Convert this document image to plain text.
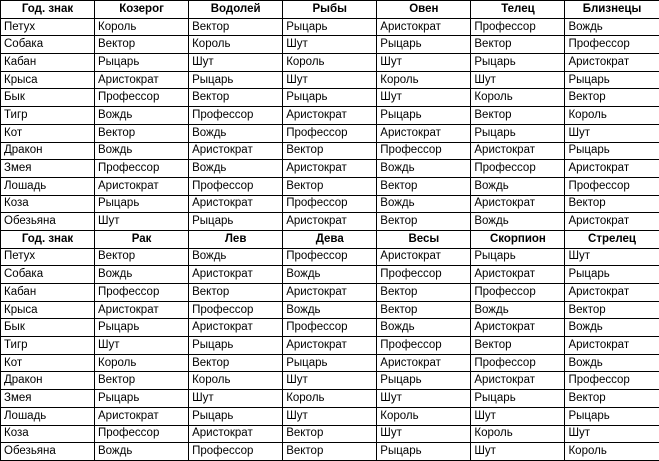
Год. знак	Козерог	Водолей	Рыбы	Овен	Телец	Близнецы
Петух	Король	Вектор	Рыцарь	Аристократ	Профессор	Вождь
Собака	Вектор	Король	Шут	Рыцарь	Вектор	Профессор
Кабан	Рыцарь	Шут	Король	Шут	Рыцарь	Аристократ
Крыса	Аристократ	Рыцарь	Шут	Король	Шут	Рыцарь
Бык	Профессор	Вектор	Рыцарь	Шут	Король	Вектор
Тигр	Вождь	Профессор	Аристократ	Рыцарь	Вектор	Король
Кот	Вектор	Вождь	Профессор	Аристократ	Рыцарь	Шут
Дракон	Вождь	Аристократ	Вектор	Профессор	Аристократ	Рыцарь
Змея	Профессор	Вождь	Аристократ	Вождь	Профессор	Аристократ
Лошадь	Аристократ	Профессор	Вектор	Вектор	Вождь	Профессор
Коза	Рыцарь	Аристократ	Профессор	Вождь	Аристократ	Вектор
Обезьяна	Шут	Рыцарь	Аристократ	Вектор	Вождь	Аристократ
Год. знак	Рак	Лев	Дева	Весы	Скорпион	Стрелец
Петух	Вектор	Вождь	Профессор	Аристократ	Рыцарь	Шут
Собака	Вождь	Аристократ	Вождь	Профессор	Аристократ	Рыцарь
Кабан	Профессор	Вектор	Аристократ	Вектор	Профессор	Аристократ
Крыса	Аристократ	Профессор	Вождь	Вектор	Вождь	Вектор
Бык	Рыцарь	Аристократ	Профессор	Вождь	Аристократ	Вождь
Тигр	Шут	Рыцарь	Аристократ	Профессор	Вектор	Аристократ
Кот	Король	Вектор	Рыцарь	Аристократ	Профессор	Вождь
Дракон	Вектор	Король	Шут	Рыцарь	Аристократ	Профессор
Змея	Рыцарь	Шут	Король	Шут	Рыцарь	Вектор
Лошадь	Аристократ	Рыцарь	Шут	Король	Шут	Рыцарь
Коза	Профессор	Аристократ	Вектор	Шут	Король	Шут
Обезьяна	Вождь	Профессор	Вектор	Рыцарь	Шут	Король
